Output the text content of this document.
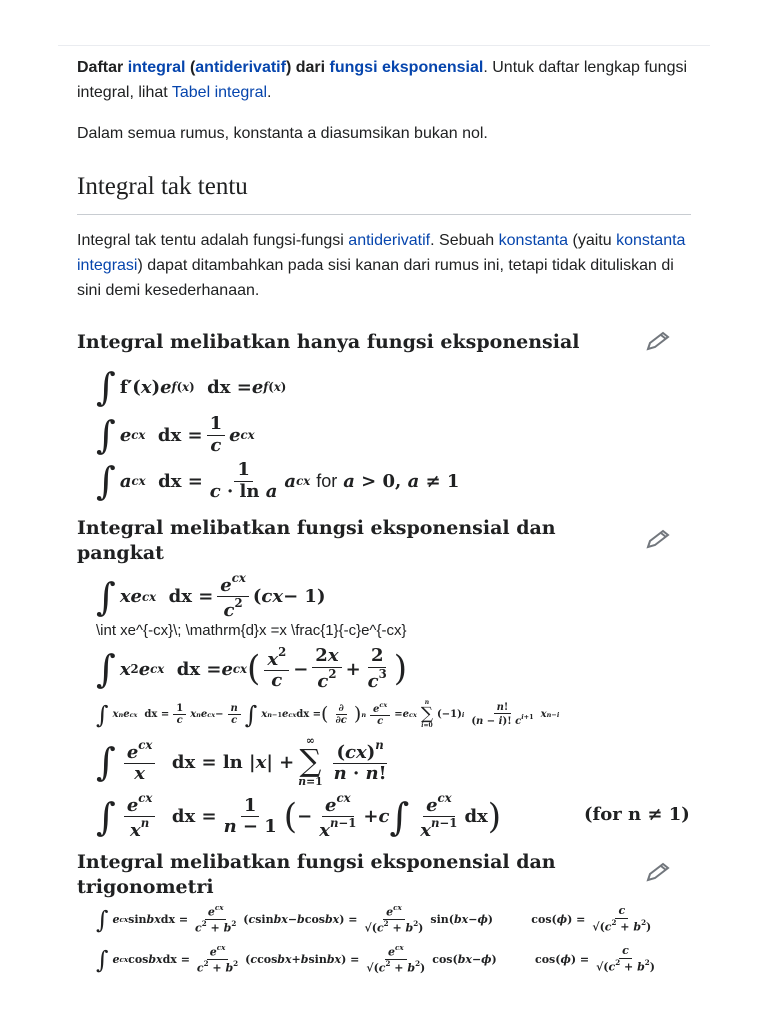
Daftar integral (antiderivatif) dari fungsi eksponensial. Untuk daftar lengkap fungsi integral, lihat Tabel integral.
Dalam semua rumus, konstanta a diasumsikan bukan nol.
Integral tak tentu
Integral tak tentu adalah fungsi-fungsi antiderivatif. Sebuah konstanta (yaitu konstanta integrasi) dapat ditambahkan pada sisi kanan dari rumus ini, tetapi tidak dituliskan di sini demi kesederhanaan.
Integral melibatkan hanya fungsi eksponensial
∫ f′( x ) e f(x) dx = e f(x)
∫ e cx dx = $\frac{1}{c}$ e cx
∫ a cx dx = $\frac{1}{\text{c · ln a}}$ a cx for a > 0, a ≠ 1
Integral melibatkan fungsi eksponensial dan pangkat
∫ xe cx dx = $\frac{e^{cx}}{c^2}$ ( cx − 1)
\int xe^{-cx}\; \mathrm{d}x =x \frac{1}{-c}e^{-cx}
∫ x 2 e cx dx = e cx ( $\frac{x^2}{c} - \frac{2x}{c^2} + \frac{2}{c^3}$ )
∫ x n e cx dx = $\frac{1}{c}$ x n e cx − $\frac{n}{c}$ ∫ x n−1 e cx dx = ( $\frac{\partial}{\partial c}$ ) n $\frac{e^{cx}}{c} = e$ cx
n
∑
i=0
(−1) i $\frac{n!}{(n - i)! c^{i+1}}$ x n−i
∫ $\frac{e^{cx}}{x}$ dx = ln | x | +
∞
∑
$n=1 \frac{(cx)^n}{n \cdot n!}$
∫ $\frac{e^{cx}}{x^n}$ dx = $\frac{1}{n - 1}$ ( − $\frac{e^{cx}}{x^{n-1}} + c$ ∫ $\frac{e^{cx}}{x^{n-1}}$ dx )	(for n ≠ 1)
Integral melibatkan fungsi eksponensial dan trigonometri
∫ e cx sin bx dx = $\frac{e^{cx}}{c^2 + b^2}$ ( c sin bx − b cos bx ) = $\frac{e^{cx}}{√(c^2 + b^2)} \sin$( bx − ϕ )          cos( ϕ ) = $\frac{c}{√(c^2 + b^2)}$
∫ e cx cos bx dx = $\frac{e^{cx}}{c^2 + b^2}$ ( c cos bx + b sin bx ) = $\frac{e^{cx}}{√(c^2 + b^2)} \cos$( bx − ϕ )          cos( ϕ ) = $\frac{c}{√(c^2 + b^2)}$
